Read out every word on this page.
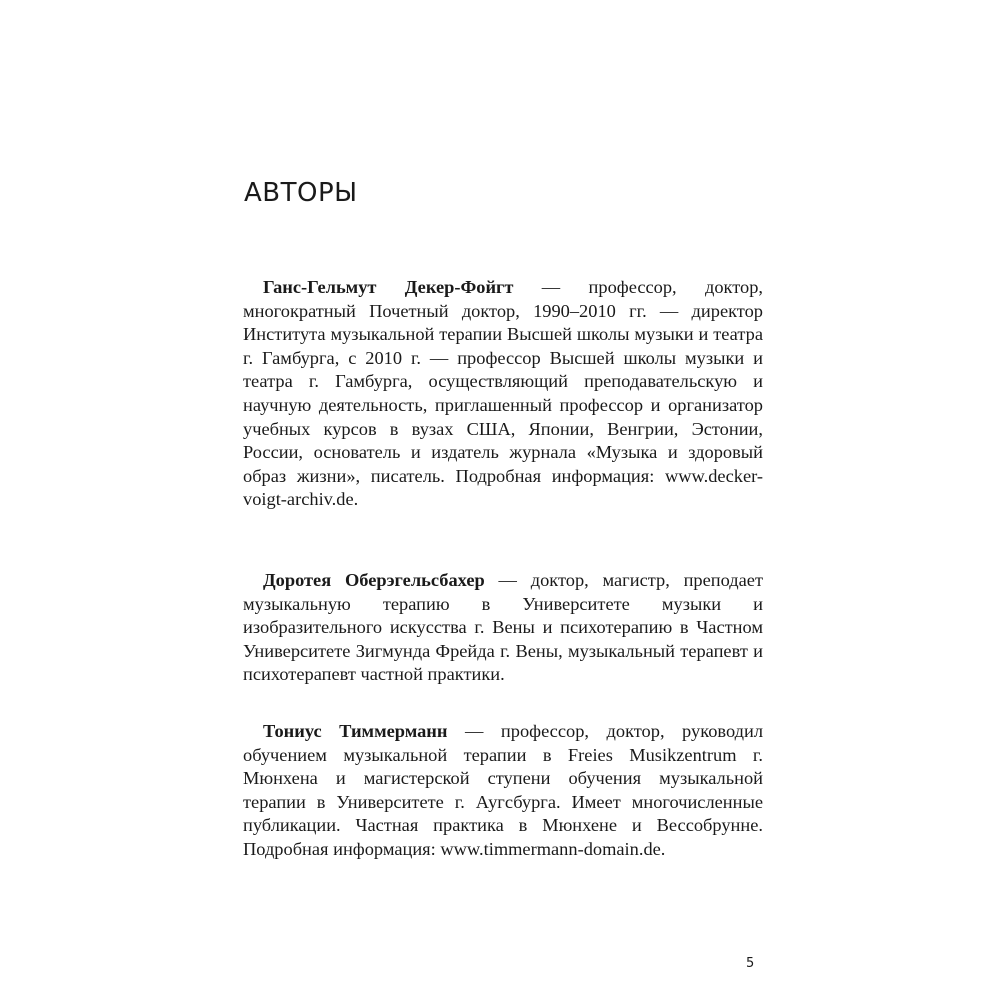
АВТОРЫ

Ганс-Гельмут Декер-Фойгт — профессор, доктор, многократный Почетный доктор, 1990–2010 гг. — директор Института музыкальной терапии Высшей школы музыки и театра г. Гамбурга, с 2010 г. — профессор Высшей школы музыки и театра г. Гамбурга, осуществляющий преподавательскую и научную деятельность, приглашенный профессор и организатор учебных курсов в вузах США, Японии, Венгрии, Эстонии, России, основатель и издатель журнала «Музыка и здоровый образ жизни», писатель. Подробная информация: www.decker-voigt-archiv.de.

Доротея Оберэгельсбахер — доктор, магистр, преподает музыкальную терапию в Университете музыки и изобразительного искусства г. Вены и психотерапию в Частном Университете Зигмунда Фрейда г. Вены, музыкальный терапевт и психотерапевт частной практики.

Тониус Тиммерманн — профессор, доктор, руководил обучением музыкальной терапии в Freies Musikzentrum г. Мюнхена и магистерской ступени обучения музыкальной терапии в Университете г. Аугсбурга. Имеет многочисленные публикации. Частная практика в Мюнхене и Вессобрунне. Подробная информация: www.timmermann-domain.de.

5
